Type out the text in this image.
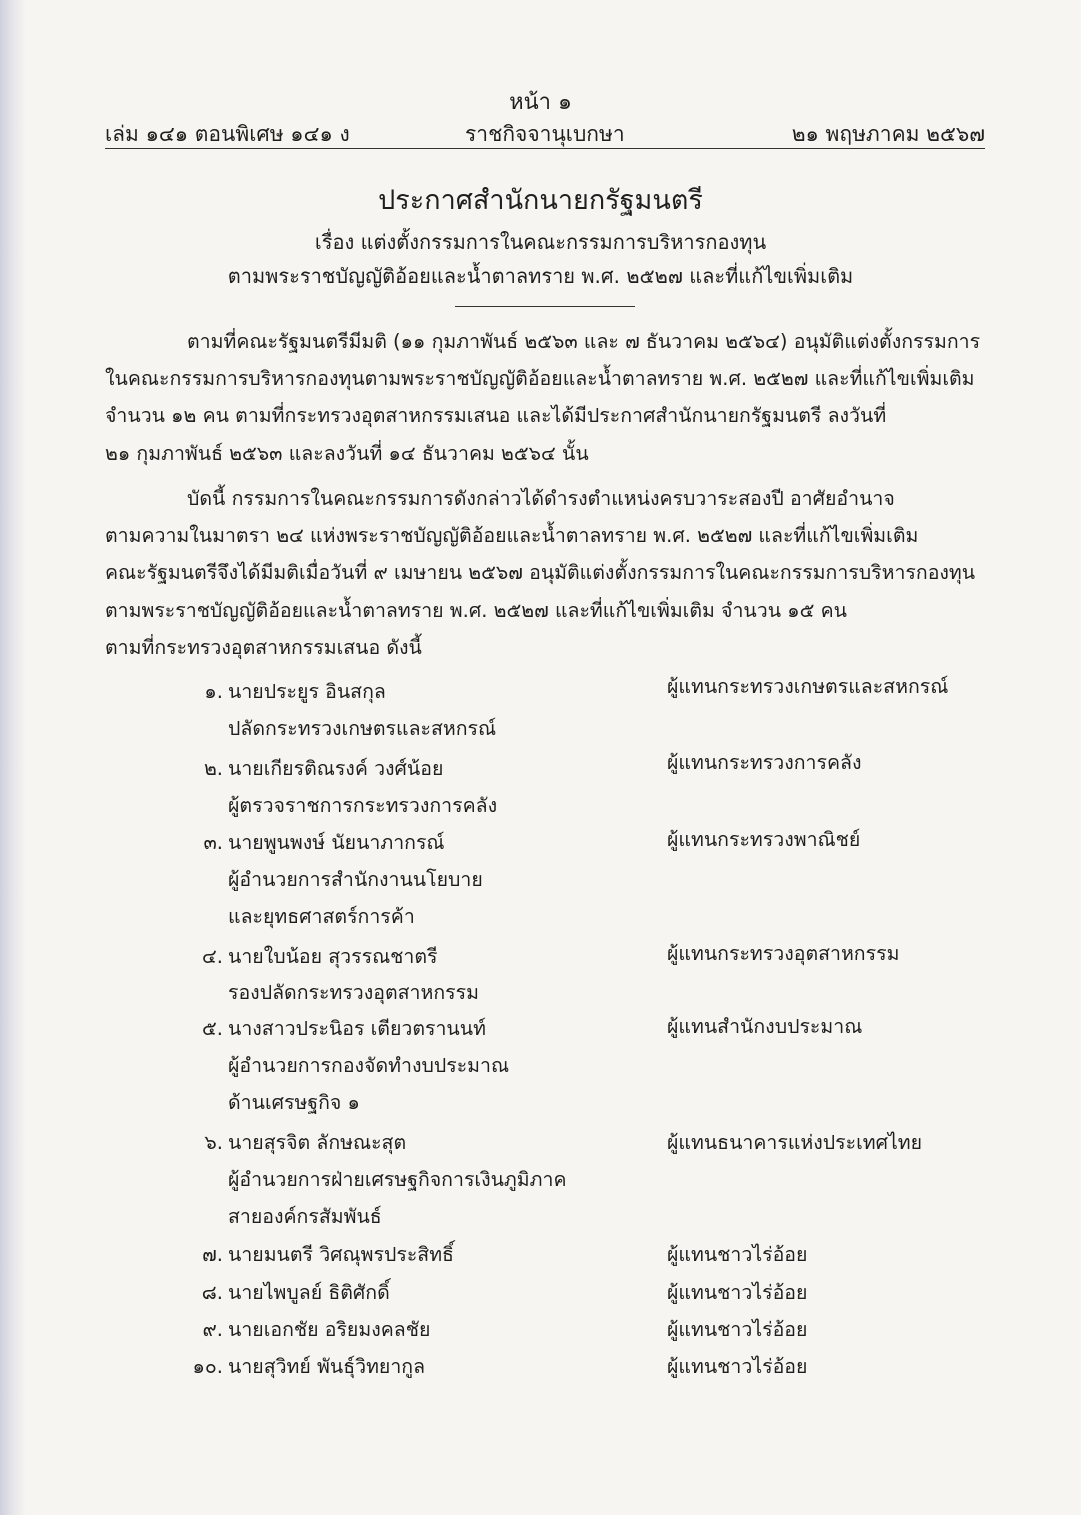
หน้า ๑
เล่ม ๑๔๑ ตอนพิเศษ ๑๔๑ ง	ราชกิจจานุเบกษา	๒๑ พฤษภาคม ๒๕๖๗
ประกาศสำนักนายกรัฐมนตรี
เรื่อง แต่งตั้งกรรมการในคณะกรรมการบริหารกองทุน
ตามพระราชบัญญัติอ้อยและน้ำตาลทราย พ.ศ. ๒๕๒๗ และที่แก้ไขเพิ่มเติม
ตามที่คณะรัฐมนตรีมีมติ (๑๑ กุมภาพันธ์ ๒๕๖๓ และ ๗ ธันวาคม ๒๕๖๔) อนุมัติแต่งตั้งกรรมการ
ในคณะกรรมการบริหารกองทุนตามพระราชบัญญัติอ้อยและน้ำตาลทราย พ.ศ. ๒๕๒๗ และที่แก้ไขเพิ่มเติม
จำนวน ๑๒ คน ตามที่กระทรวงอุตสาหกรรมเสนอ และได้มีประกาศสำนักนายกรัฐมนตรี ลงวันที่
๒๑ กุมภาพันธ์ ๒๕๖๓ และลงวันที่ ๑๔ ธันวาคม ๒๕๖๔ นั้น
บัดนี้ กรรมการในคณะกรรมการดังกล่าวได้ดำรงตำแหน่งครบวาระสองปี อาศัยอำนาจ
ตามความในมาตรา ๒๔ แห่งพระราชบัญญัติอ้อยและน้ำตาลทราย พ.ศ. ๒๕๒๗ และที่แก้ไขเพิ่มเติม
คณะรัฐมนตรีจึงได้มีมติเมื่อวันที่ ๙ เมษายน ๒๕๖๗ อนุมัติแต่งตั้งกรรมการในคณะกรรมการบริหารกองทุน
ตามพระราชบัญญัติอ้อยและน้ำตาลทราย พ.ศ. ๒๕๒๗ และที่แก้ไขเพิ่มเติม จำนวน ๑๕ คน
ตามที่กระทรวงอุตสาหกรรมเสนอ ดังนี้
๑. นายประยูร อินสกุล	ผู้แทนกระทรวงเกษตรและสหกรณ์
ปลัดกระทรวงเกษตรและสหกรณ์
๒. นายเกียรติณรงค์ วงศ์น้อย	ผู้แทนกระทรวงการคลัง
ผู้ตรวจราชการกระทรวงการคลัง
๓. นายพูนพงษ์ นัยนาภากรณ์	ผู้แทนกระทรวงพาณิชย์
ผู้อำนวยการสำนักงานนโยบาย
และยุทธศาสตร์การค้า
๔. นายใบน้อย สุวรรณชาตรี	ผู้แทนกระทรวงอุตสาหกรรม
รองปลัดกระทรวงอุตสาหกรรม
๕. นางสาวประนิอร เตียวตรานนท์	ผู้แทนสำนักงบประมาณ
ผู้อำนวยการกองจัดทำงบประมาณ
ด้านเศรษฐกิจ ๑
๖. นายสุรจิต ลักษณะสุต	ผู้แทนธนาคารแห่งประเทศไทย
ผู้อำนวยการฝ่ายเศรษฐกิจการเงินภูมิภาค
สายองค์กรสัมพันธ์
๗. นายมนตรี วิศณุพรประสิทธิ์	ผู้แทนชาวไร่อ้อย
๘. นายไพบูลย์ ธิติศักดิ์	ผู้แทนชาวไร่อ้อย
๙. นายเอกชัย อริยมงคลชัย	ผู้แทนชาวไร่อ้อย
๑๐. นายสุวิทย์ พันธุ์วิทยากูล	ผู้แทนชาวไร่อ้อย
